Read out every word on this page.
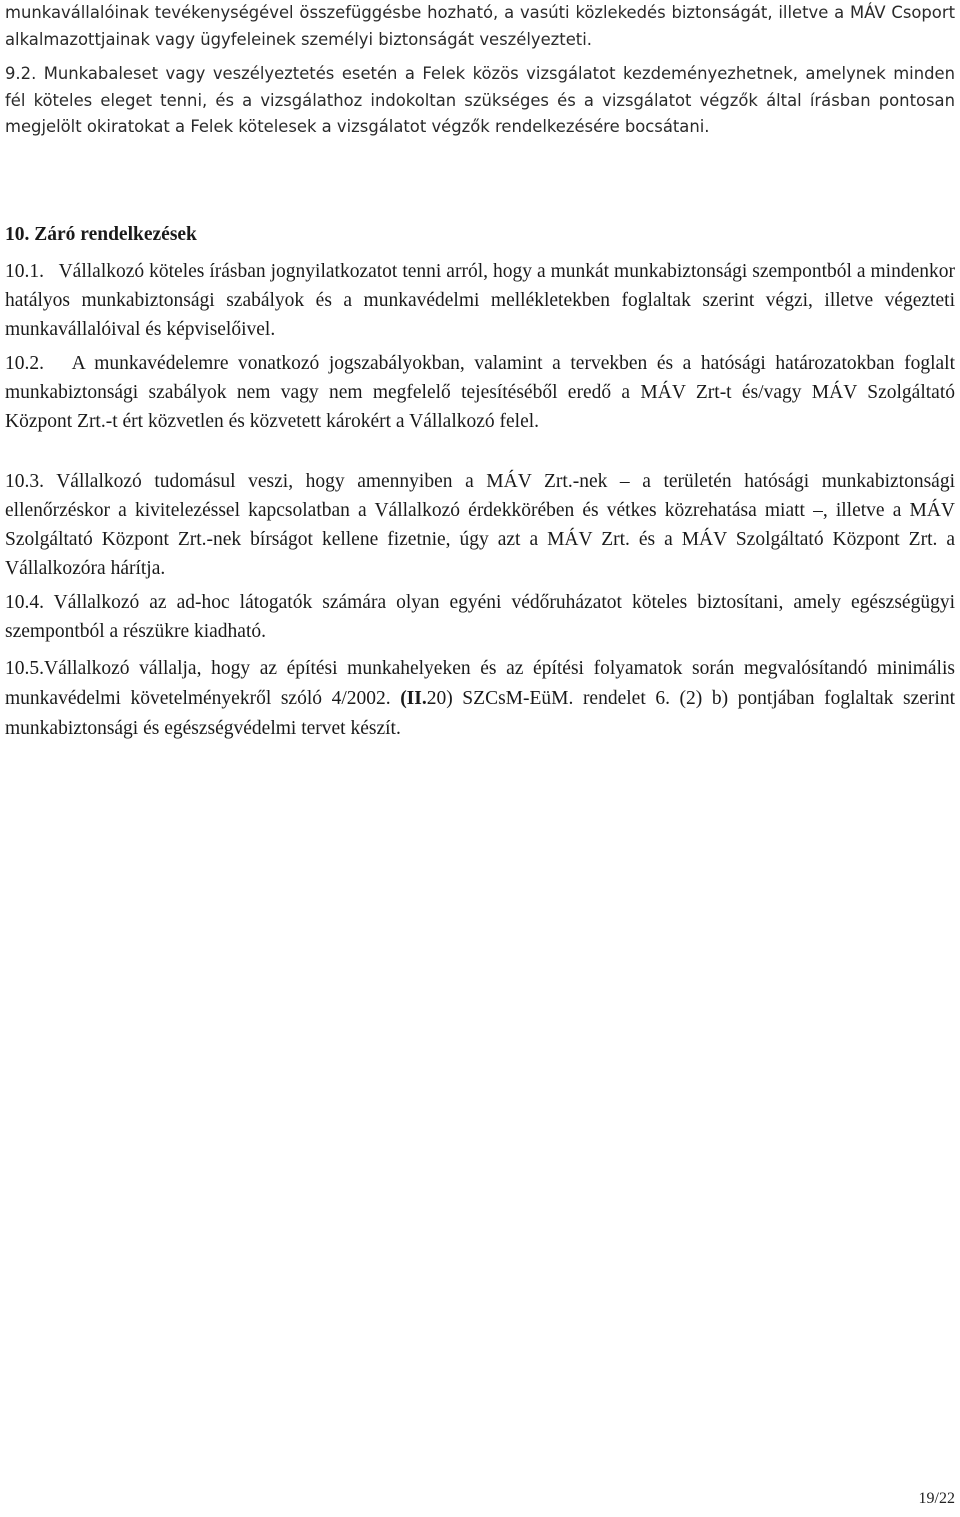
munkavállalóinak tevékenységével összefüggésbe hozható, a vasúti közlekedés biztonságát, illetve a MÁV Csoport alkalmazottjainak vagy ügyfeleinek személyi biztonságát veszélyezteti.

9.2. Munkabaleset vagy veszélyeztetés esetén a Felek közös vizsgálatot kezdeményezhetnek, amelynek minden fél köteles eleget tenni, és a vizsgálathoz indokoltan szükséges és a vizsgálatot végzők által írásban pontosan megjelölt okiratokat a Felek kötelesek a vizsgálatot végzők rendelkezésére bocsátani.

10. Záró rendelkezések

10.1. Vállalkozó köteles írásban jognyilatkozatot tenni arról, hogy a munkát munkabiztonsági szempontból a mindenkor hatályos munkabiztonsági szabályok és a munkavédelmi mellékletekben foglaltak szerint végzi, illetve végezteti munkavállalóival és képviselőivel.

10.2. A munkavédelemre vonatkozó jogszabályokban, valamint a tervekben és a hatósági határozatokban foglalt munkabiztonsági szabályok nem vagy nem megfelelő tejesítéséből eredő a MÁV Zrt-t és/vagy MÁV Szolgáltató Központ Zrt.-t ért közvetlen és közvetett károkért a Vállalkozó felel.

10.3. Vállalkozó tudomásul veszi, hogy amennyiben a MÁV Zrt.-nek – a területén hatósági munkabiztonsági ellenőrzéskor a kivitelezéssel kapcsolatban a Vállalkozó érdekkörében és vétkes közrehatása miatt –, illetve a MÁV Szolgáltató Központ Zrt.-nek bírságot kellene fizetnie, úgy azt a MÁV Zrt. és a MÁV Szolgáltató Központ Zrt. a Vállalkozóra hárítja.

10.4. Vállalkozó az ad-hoc látogatók számára olyan egyéni védőruházatot köteles biztosítani, amely egészségügyi szempontból a részükre kiadható.

10.5.Vállalkozó vállalja, hogy az építési munkahelyeken és az építési folyamatok során megvalósítandó minimális munkavédelmi követelményekről szóló 4/2002. (II.20) SZCsM-EüM. rendelet 6. (2) b) pontjában foglaltak szerint munkabiztonsági és egészségvédelmi tervet készít.

19/22
